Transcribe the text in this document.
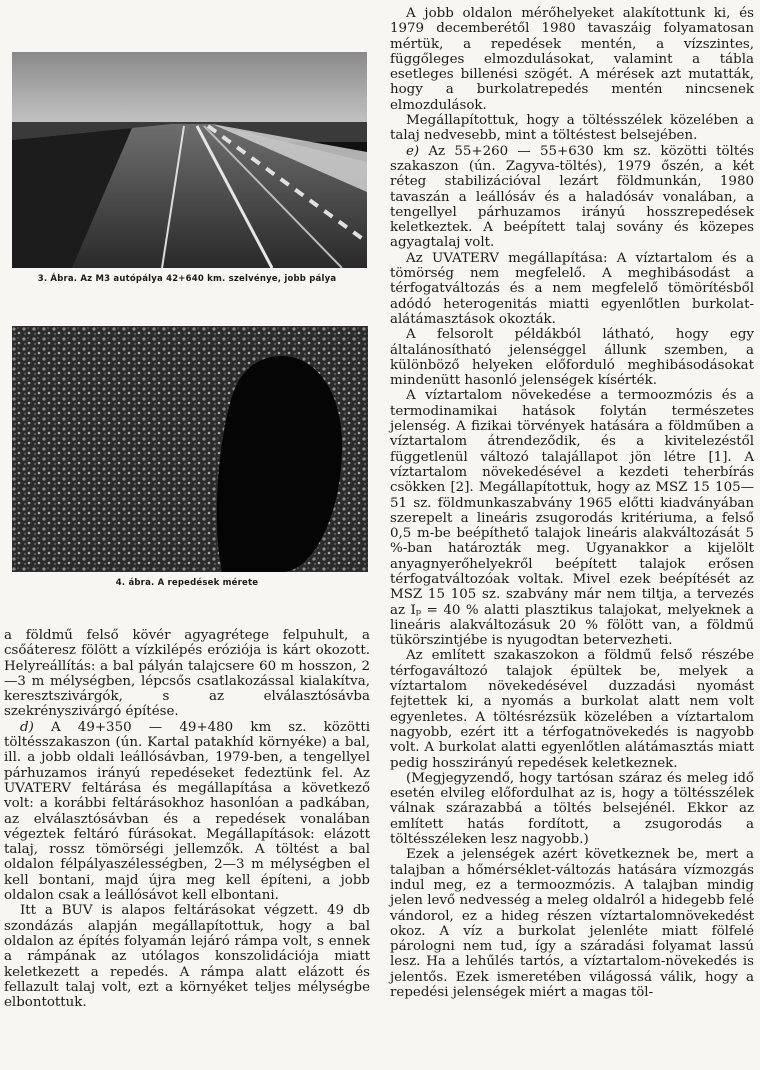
3. Ábra. Az M3 autópálya 42+640 km. szelvénye, jobb pálya
4. ábra. A repedések mérete

a földmű felső kövér agyagrétege felpuhult, a csőáteresz fölött a vízkilépés eróziója is kárt okozott. Helyreállítás: a bal pályán talajcsere 60 m hosszon, 2—3 m mélységben, lépcsős csatlakozással kialakítva, keresztszivárgók, s az elválasztósávba szekrényszivárgó építése.

d) A 49+350 — 49+480 km sz. közötti töltésszakaszon (ún. Kartal patakhíd környéke) a bal, ill. a jobb oldali leállósávban, 1979-ben, a tengellyel párhuzamos irányú repedéseket fedeztünk fel. Az UVATERV feltárása és megállapítása a következő volt: a korábbi feltárásokhoz hasonlóan a padkában, az elválasztósávban és a repedések vonalában végeztek feltáró fúrásokat. Megállapítások: elázott talaj, rossz tömörségi jellemzők. A töltést a bal oldalon félpályaszélességben, 2—3 m mélységben el kell bontani, majd újra meg kell építeni, a jobb oldalon csak a leállósávot kell elbontani.

Itt a BUV is alapos feltárásokat végzett. 49 db szondázás alapján megállapítottuk, hogy a bal oldalon az építés folyamán lejáró rámpa volt, s ennek a rámpának az utólagos konszolidációja miatt keletkezett a repedés. A rámpa alatt elázott és fellazult talaj volt, ezt a környéket teljes mélységbe elbontottuk.

A jobb oldalon mérőhelyeket alakítottunk ki, és 1979 decemberétől 1980 tavaszáig folyamatosan mértük, a repedések mentén, a vízszintes, függőleges elmozdulásokat, valamint a tábla esetleges billenési szögét. A mérések azt mutatták, hogy a burkolatrepedés mentén nincsenek elmozdulások.

Megállapítottuk, hogy a töltésszélek közelében a talaj nedvesebb, mint a töltéstest belsejében.

e) Az 55+260 — 55+630 km sz. közötti töltés szakaszon (ún. Zagyva-töltés), 1979 őszén, a két réteg stabilizációval lezárt földmunkán, 1980 tavaszán a leállósáv és a haladósáv vonalában, a tengellyel párhuzamos irányú hosszrepedések keletkeztek. A beépített talaj sovány és közepes agyagtalaj volt.

Az UVATERV megállapítása: A víztartalom és a tömörség nem megfelelő. A meghibásodást a térfogatváltozás és a nem megfelelő tömörítésből adódó heterogenitás miatti egyenlőtlen burkolat-alátámasztások okozták.

A felsorolt példákból látható, hogy egy általánosítható jelenséggel állunk szemben, a különböző helyeken előforduló meghibásodásokat mindenütt hasonló jelenségek kísérték.

A víztartalom növekedése a termoozmózis és a termodinamikai hatások folytán természetes jelenség. A fizikai törvények hatására a földműben a víztartalom átrendeződik, és a kivitelezéstől függetlenül változó talajállapot jön létre [1]. A víztartalom növekedésével a kezdeti teherbírás csökken [2]. Megállapítottuk, hogy az MSZ 15 105—51 sz. földmunkaszabvány 1965 előtti kiadványában szerepelt a lineáris zsugorodás kritériuma, a felső 0,5 m-be beépíthető talajok lineáris alakváltozását 5 %-ban határozták meg. Ugyanakkor a kijelölt anyagnyerőhelyekről beépített talajok erősen térfogatváltozóak voltak. Mivel ezek beépítését az MSZ 15 105 sz. szabvány már nem tiltja, a tervezés az Iₚ = 40 % alatti plasztikus talajokat, melyeknek a lineáris alakváltozásuk 20 % fölött van, a földmű tükörszintjébe is nyugodtan betervezheti.

Az említett szakaszokon a földmű felső részébe térfogaváltozó talajok épültek be, melyek a víztartalom növekedésével duzzadási nyomást fejtettek ki, a nyomás a burkolat alatt nem volt egyenletes. A töltésrézsük közelében a víztartalom nagyobb, ezért itt a térfogatnövekedés is nagyobb volt. A burkolat alatti egyenlőtlen alátámasztás miatt pedig hosszirányú repedések keletkeznek.

(Megjegyzendő, hogy tartósan száraz és meleg idő esetén elvileg előfordulhat az is, hogy a töltésszélek válnak szárazabbá a töltés belsejénél. Ekkor az említett hatás fordított, a zsugorodás a töltésszéleken lesz nagyobb.)

Ezek a jelenségek azért következnek be, mert a talajban a hőmérséklet-változás hatására vízmozgás indul meg, ez a termoozmózis. A talajban mindig jelen levő nedvesség a meleg oldalról a hidegebb felé vándorol, ez a hideg részen víztartalomnövekedést okoz. A víz a burkolat jelenléte miatt fölfelé párologni nem tud, így a száradási folyamat lassú lesz. Ha a lehűlés tartós, a víztartalom-növekedés is jelentős. Ezek ismeretében világossá válik, hogy a repedési jelenségek miért a magas töl-
